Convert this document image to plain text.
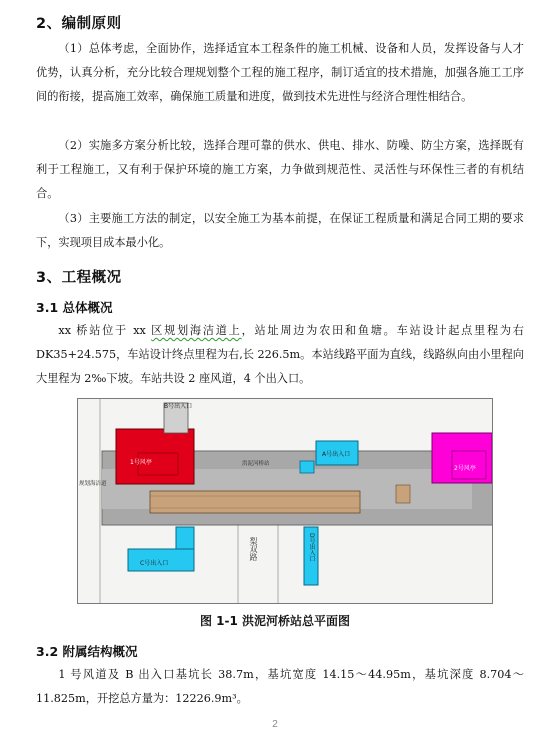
2、编制原则

（1）总体考虑，全面协作，选择适宜本工程条件的施工机械、设备和人员，发挥设备与人才优势，认真分析，充分比较合理规划整个工程的施工程序，制订适宜的技术措施，加强各施工工序间的衔接，提高施工效率，确保施工质量和进度，做到技术先进性与经济合理性相结合。

（2）实施多方案分析比较，选择合理可靠的供水、供电、排水、防噪、防尘方案，选择既有利于工程施工，又有利于保护环境的施工方案，力争做到规范性、灵活性与环保性三者的有机结合。

（3）主要施工方法的制定，以安全施工为基本前提，在保证工程质量和满足合同工期的要求下，实现项目成本最小化。

3、工程概况
3.1 总体概况

xx 桥站位于 xx 区规划海洁道上，站址周边为农田和鱼塘。车站设计起点里程为右 DK35+24.575，车站设计终点里程为右,长 226.5m。本站线路平面为直线，线路纵向由小里程向大里程为 2‰下坡。车站共设 2 座风道，4 个出入口。

B号出入口
1号风亭
2号风亭
A号出入口
C号出入口
D号出入口
规划海洁道
洪泥河桥站
梨双路
图 1-1 洪泥河桥站总平面图
3.2 附属结构概况

1 号风道及 B 出入口基坑长 38.7m，基坑宽度 14.15～44.95m，基坑深度 8.704～11.825m，开挖总方量为：12226.9m³。

2
